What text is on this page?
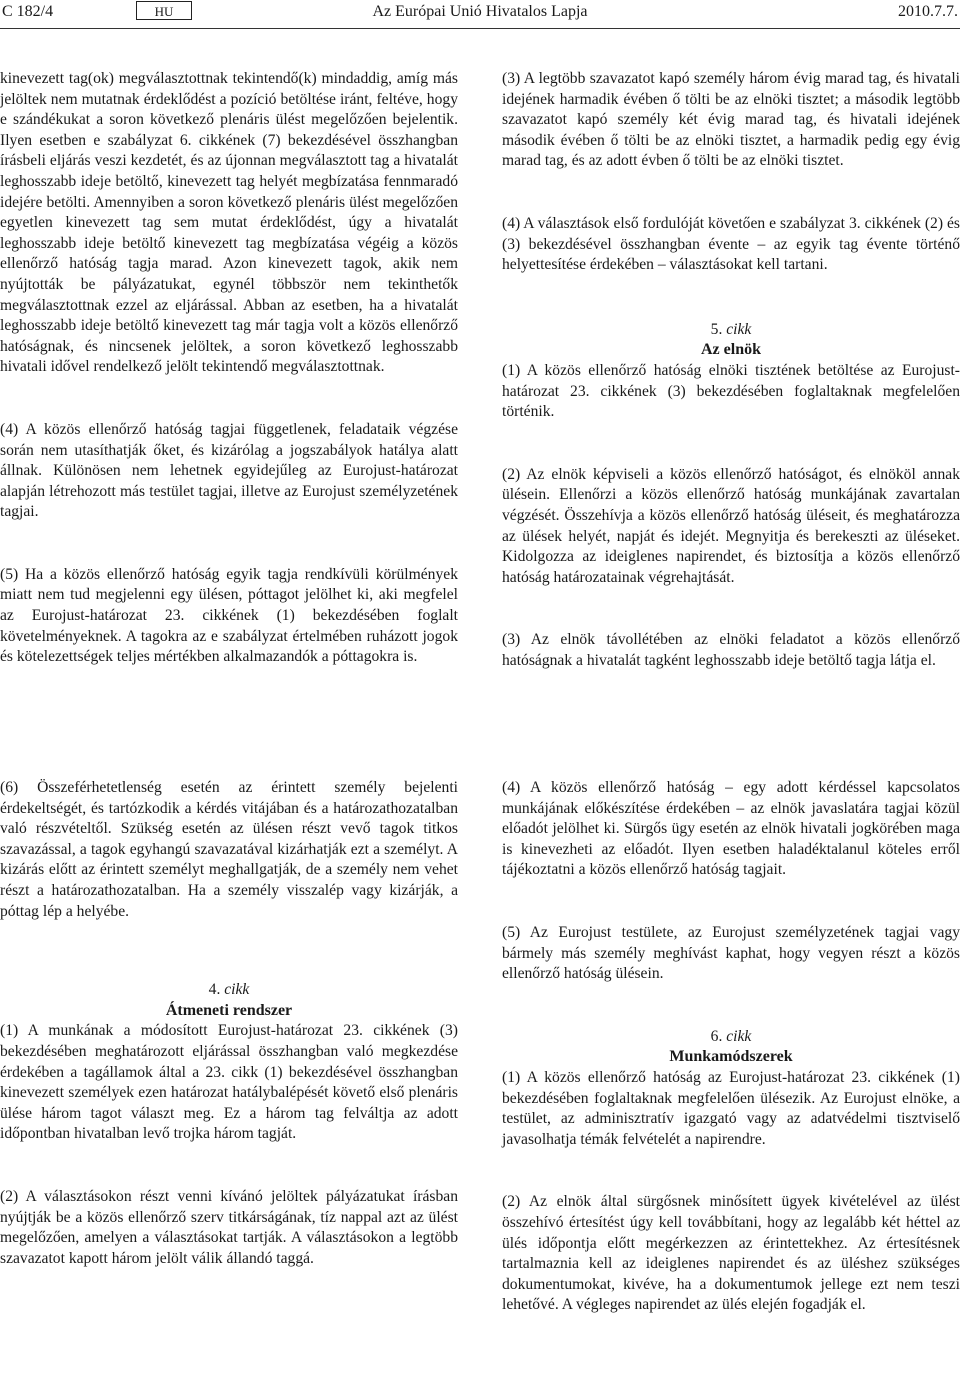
C 182/4	HU	Az Európai Unió Hivatalos Lapja	2010.7.7.

kinevezett tag(ok) megválasztottnak tekintendő(k) mindaddig, amíg más jelöltek nem mutatnak érdeklődést a pozíció betöltése iránt, feltéve, hogy e szándékukat a soron következő plenáris ülést megelőzően bejelentik. Ilyen esetben e szabályzat 6. cikkének (7) bekezdésével összhangban írásbeli eljárás veszi kezdetét, és az újonnan megválasztott tag a hivatalát leghosszabb ideje betöltő, kinevezett tag helyét megbízatása fennmaradó idejére betölti. Amennyiben a soron következő plenáris ülést megelőzően egyetlen kinevezett tag sem mutat érdeklődést, úgy a hivatalát leghosszabb ideje betöltő kinevezett tag megbízatása végéig a közös ellenőrző hatóság tagja marad. Azon kinevezett tagok, akik nem nyújtották be pályázatukat, egynél többször nem tekinthetők megválasztottnak ezzel az eljárással. Abban az esetben, ha a hivatalát leghosszabb ideje betöltő kinevezett tag már tagja volt a közös ellenőrző hatóságnak, és nincsenek jelöltek, a soron következő leghosszabb hivatali idővel rendelkező jelölt tekintendő megválasztottnak.

(4) A közös ellenőrző hatóság tagjai függetlenek, feladataik végzése során nem utasíthatják őket, és kizárólag a jogszabályok hatálya alatt állnak. Különösen nem lehetnek egyidejűleg az Eurojust-határozat alapján létrehozott más testület tagjai, illetve az Eurojust személyzetének tagjai.

(5) Ha a közös ellenőrző hatóság egyik tagja rendkívüli körülmények miatt nem tud megjelenni egy ülésen, póttagot jelölhet ki, aki megfelel az Eurojust-határozat 23. cikkének (1) bekezdésében foglalt követelményeknek. A tagokra az e szabályzat értelmében ruházott jogok és kötelezettségek teljes mértékben alkalmazandók a póttagokra is.

(3) A legtöbb szavazatot kapó személy három évig marad tag, és hivatali idejének harmadik évében ő tölti be az elnöki tisztet; a második legtöbb szavazatot kapó személy két évig marad tag, és hivatali idejének második évében ő tölti be az elnöki tisztet, a harmadik pedig egy évig marad tag, és az adott évben ő tölti be az elnöki tisztet.

(4) A választások első fordulóját követően e szabályzat 3. cikkének (2) és (3) bekezdésével összhangban évente – az egyik tag évente történő helyettesítése érdekében – választásokat kell tartani.

5. cikk

Az elnök

(1) A közös ellenőrző hatóság elnöki tisztének betöltése az Eurojust-határozat 23. cikkének (3) bekezdésében foglaltaknak megfelelően történik.

(2) Az elnök képviseli a közös ellenőrző hatóságot, és elnököl annak ülésein. Ellenőrzi a közös ellenőrző hatóság munkájának zavartalan végzését. Összehívja a közös ellenőrző hatóság üléseit, és meghatározza az ülések helyét, napját és idejét. Megnyitja és berekeszti az üléseket. Kidolgozza az ideiglenes napirendet, és biztosítja a közös ellenőrző hatóság határozatainak végrehajtását.

(3) Az elnök távollétében az elnöki feladatot a közös ellenőrző hatóságnak a hivatalát tagként leghosszabb ideje betöltő tagja látja el.

(6) Összeférhetetlenség esetén az érintett személy bejelenti érdekeltségét, és tartózkodik a kérdés vitájában és a határozathozatalban való részvételtől. Szükség esetén az ülésen részt vevő tagok titkos szavazással, a tagok egyhangú szavazatával kizárhatják ezt a személyt. A kizárás előtt az érintett személyt meghallgatják, de a személy nem vehet részt a határozathozatalban. Ha a személy visszalép vagy kizárják, a póttag lép a helyébe.

4. cikk

Átmeneti rendszer

(1) A munkának a módosított Eurojust-határozat 23. cikkének (3) bekezdésében meghatározott eljárással összhangban való megkezdése érdekében a tagállamok által a 23. cikk (1) bekezdésével összhangban kinevezett személyek ezen határozat hatálybalépését követő első plenáris ülése három tagot választ meg. Ez a három tag felváltja az adott időpontban hivatalban levő trojka három tagját.

(2) A választásokon részt venni kívánó jelöltek pályázatukat írásban nyújtják be a közös ellenőrző szerv titkárságának, tíz nappal azt az ülést megelőzően, amelyen a választásokat tartják. A választásokon a legtöbb szavazatot kapott három jelölt válik állandó taggá.

(4) A közös ellenőrző hatóság – egy adott kérdéssel kapcsolatos munkájának előkészítése érdekében – az elnök javaslatára tagjai közül előadót jelölhet ki. Sürgős ügy esetén az elnök hivatali jogkörében maga is kinevezheti az előadót. Ilyen esetben haladéktalanul köteles erről tájékoztatni a közös ellenőrző hatóság tagjait.

(5) Az Eurojust testülete, az Eurojust személyzetének tagjai vagy bármely más személy meghívást kaphat, hogy vegyen részt a közös ellenőrző hatóság ülésein.

6. cikk

Munkamódszerek

(1) A közös ellenőrző hatóság az Eurojust-határozat 23. cikkének (1) bekezdésében foglaltaknak megfelelően ülésezik. Az Eurojust elnöke, a testület, az adminisztratív igazgató vagy az adatvédelmi tisztviselő javasolhatja témák felvételét a napirendre.

(2) Az elnök által sürgősnek minősített ügyek kivételével az ülést összehívó értesítést úgy kell továbbítani, hogy az legalább két héttel az ülés időpontja előtt megérkezzen az érintettekhez. Az értesítésnek tartalmaznia kell az ideiglenes napirendet és az üléshez szükséges dokumentumokat, kivéve, ha a dokumentumok jellege ezt nem teszi lehetővé. A végleges napirendet az ülés elején fogadják el.
